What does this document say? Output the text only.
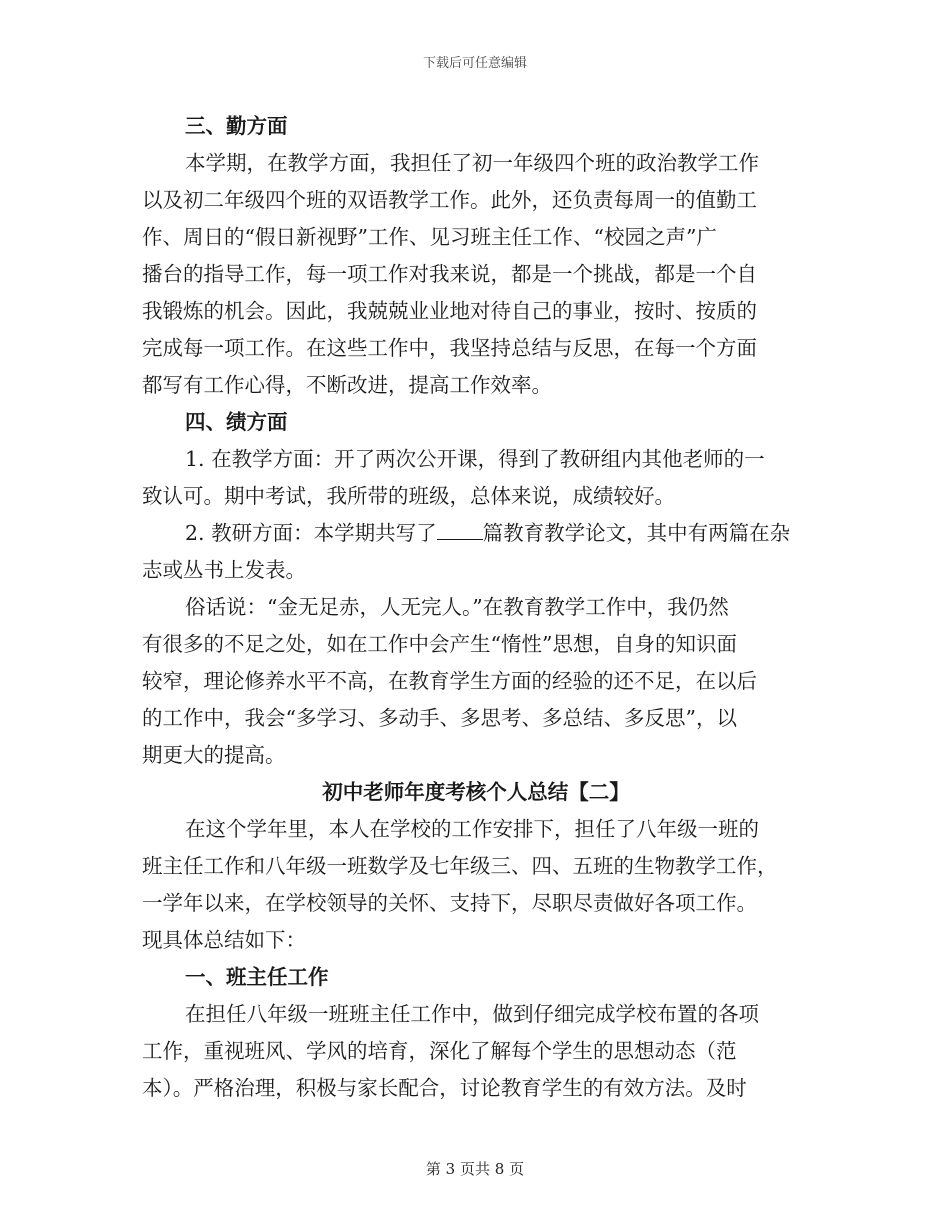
下载后可任意编辑
三、勤方面
本学期，在教学方面，我担任了初一年级四个班的政治教学工作
以及初二年级四个班的双语教学工作。此外，还负责每周一的值勤工
作、周日的“假日新视野”工作、见习班主任工作、“校园之声”广
播台的指导工作，每一项工作对我来说，都是一个挑战，都是一个自
我锻炼的机会。因此，我兢兢业业地对待自己的事业，按时、按质的
完成每一项工作。在这些工作中，我坚持总结与反思，在每一个方面
都写有工作心得，不断改进，提高工作效率。
四、绩方面
1. 在教学方面：开了两次公开课，得到了教研组内其他老师的一
致认可。期中考试，我所带的班级，总体来说，成绩较好。
2. 教研方面：本学期共写了 篇教育教学论文，其中有两篇在杂
志或丛书上发表。
俗话说：“金无足赤，人无完人。”在教育教学工作中，我仍然
有很多的不足之处，如在工作中会产生“惰性”思想，自身的知识面
较窄，理论修养水平不高，在教育学生方面的经验的还不足，在以后
的工作中，我会“多学习、多动手、多思考、多总结、多反思”，以
期更大的提高。
初中老师年度考核个人总结【二】
在这个学年里，本人在学校的工作安排下，担任了八年级一班的
班主任工作和八年级一班数学及七年级三、四、五班的生物教学工作，
一学年以来，在学校领导的关怀、支持下，尽职尽责做好各项工作。
现具体总结如下：
一、班主任工作
在担任八年级一班班主任工作中，做到仔细完成学校布置的各项
工作，重视班风、学风的培育，深化了解每个学生的思想动态（范
本）。严格治理，积极与家长配合，讨论教育学生的有效方法。及时
第 3 页共 8 页
